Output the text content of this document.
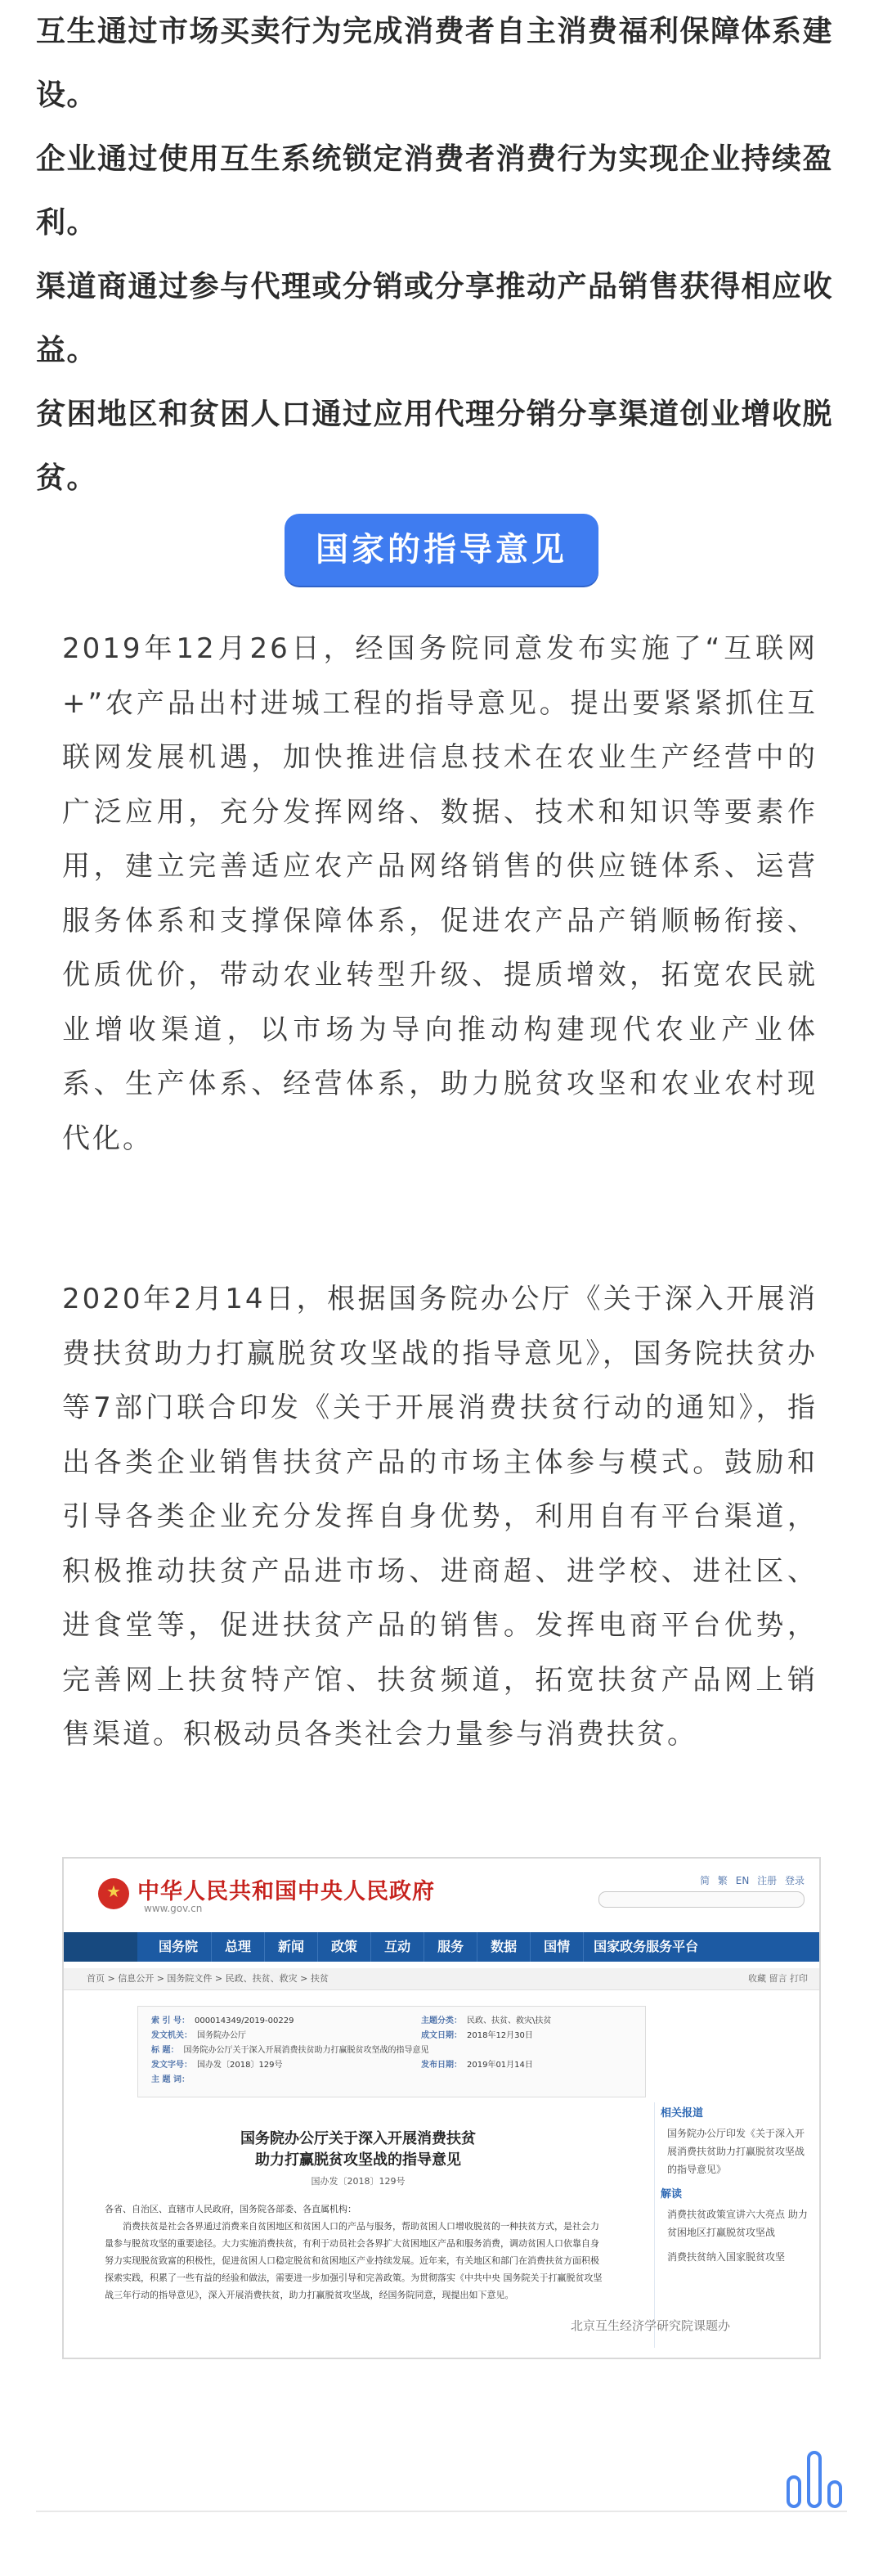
互生通过市场买卖行为完成消费者自主消费福利保障体系建设。

企业通过使用互生系统锁定消费者消费行为实现企业持续盈利。

渠道商通过参与代理或分销或分享推动产品销售获得相应收益。

贫困地区和贫困人口通过应用代理分销分享渠道创业增收脱贫。

国家的指导意见

2019年12月26日，经国务院同意发布实施了“互联网+”农产品出村进城工程的指导意见。提出要紧紧抓住互联网发展机遇，加快推进信息技术在农业生产经营中的广泛应用，充分发挥网络、数据、技术和知识等要素作用，建立完善适应农产品网络销售的供应链体系、运营服务体系和支撑保障体系，促进农产品产销顺畅衔接、优质优价，带动农业转型升级、提质增效，拓宽农民就业增收渠道，以市场为导向推动构建现代农业产业体系、生产体系、经营体系，助力脱贫攻坚和农业农村现代化。

2020年2月14日，根据国务院办公厅《关于深入开展消费扶贫助力打赢脱贫攻坚战的指导意见》，国务院扶贫办等7部门联合印发《关于开展消费扶贫行动的通知》，指出各类企业销售扶贫产品的市场主体参与模式。鼓励和引导各类企业充分发挥自身优势，利用自有平台渠道，积极推动扶贫产品进市场、进商超、进学校、进社区、进食堂等，促进扶贫产品的销售。发挥电商平台优势，完善网上扶贫特产馆、扶贫频道，拓宽扶贫产品网上销售渠道。积极动员各类社会力量参与消费扶贫。

★
中华人民共和国中央人民政府
www.gov.cn
简 繁 EN 注册 登录
国务院	总理	新闻	政策	互动	服务	数据	国情	国家政务服务平台
首页 > 信息公开 > 国务院文件 > 民政、扶贫、救灾 > 扶贫	收藏 留言 打印
索 引 号： 000014349/2019-00229	主题分类： 民政、扶贫、救灾\扶贫
发文机关： 国务院办公厅	成文日期： 2018年12月30日
标 题： 国务院办公厅关于深入开展消费扶贫助力打赢脱贫攻坚战的指导意见
发文字号： 国办发〔2018〕129号	发布日期： 2019年01月14日
主 题 词：
国务院办公厅关于深入开展消费扶贫
助力打赢脱贫攻坚战的指导意见
国办发〔2018〕129号
各省、自治区、直辖市人民政府，国务院各部委、各直属机构：
　　消费扶贫是社会各界通过消费来自贫困地区和贫困人口的产品与服务，帮助贫困人口增收脱贫的一种扶贫方式，是社会力量参与脱贫攻坚的重要途径。大力实施消费扶贫，有利于动员社会各界扩大贫困地区产品和服务消费，调动贫困人口依靠自身努力实现脱贫致富的积极性，促进贫困人口稳定脱贫和贫困地区产业持续发展。近年来，有关地区和部门在消费扶贫方面积极探索实践，积累了一些有益的经验和做法，需要进一步加强引导和完善政策。为贯彻落实《中共中央 国务院关于打赢脱贫攻坚战三年行动的指导意见》，深入开展消费扶贫，助力打赢脱贫攻坚战，经国务院同意，现提出如下意见。
相关报道
国务院办公厅印发《关于深入开展消费扶贫助力打赢脱贫攻坚战的指导意见》
解读
消费扶贫政策宣讲六大亮点 助力贫困地区打赢脱贫攻坚战
消费扶贫纳入国家脱贫攻坚
北京互生经济学研究院课题办
